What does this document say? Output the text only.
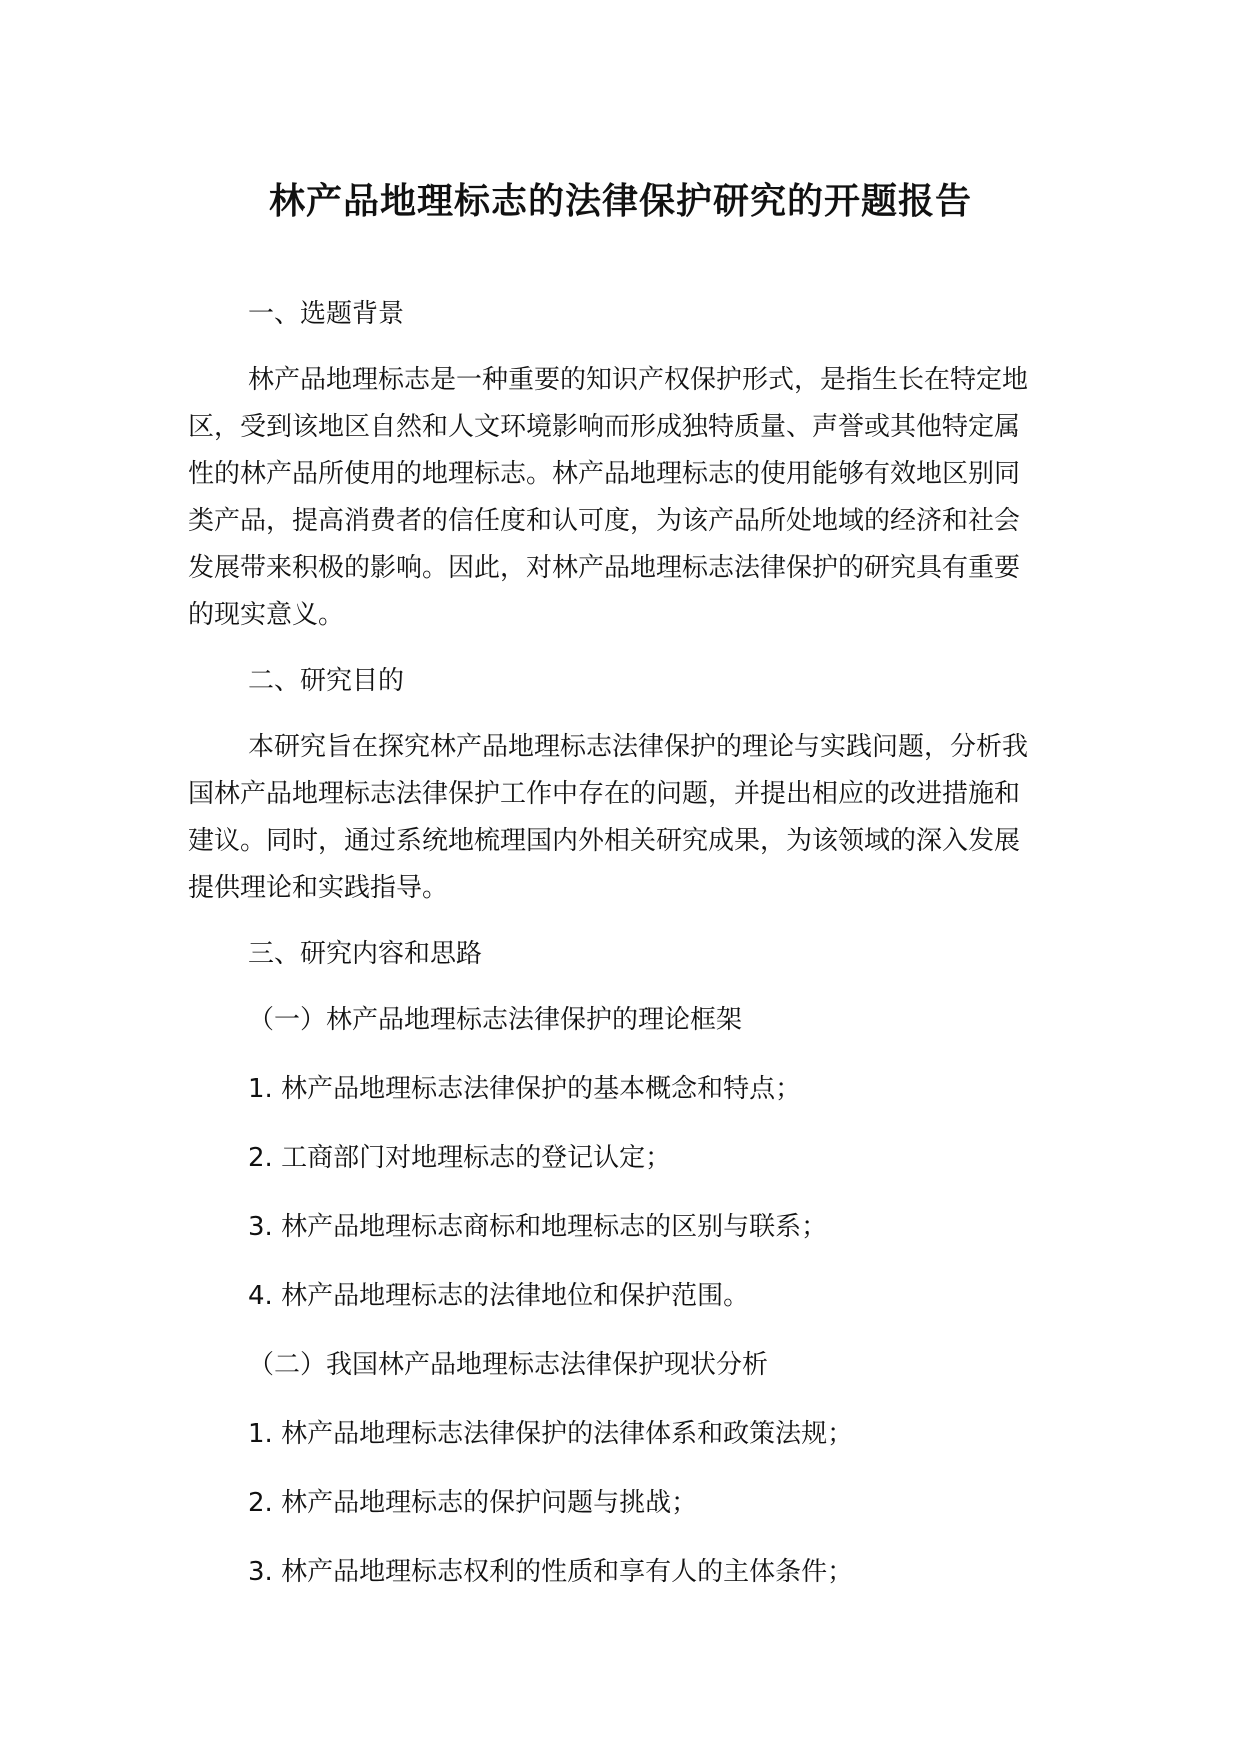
林产品地理标志的法律保护研究的开题报告

一、选题背景

林产品地理标志是一种重要的知识产权保护形式，是指生长在特定地区，受到该地区自然和人文环境影响而形成独特质量、声誉或其他特定属性的林产品所使用的地理标志。林产品地理标志的使用能够有效地区别同类产品，提高消费者的信任度和认可度，为该产品所处地域的经济和社会发展带来积极的影响。因此，对林产品地理标志法律保护的研究具有重要的现实意义。

二、研究目的

本研究旨在探究林产品地理标志法律保护的理论与实践问题，分析我国林产品地理标志法律保护工作中存在的问题，并提出相应的改进措施和建议。同时，通过系统地梳理国内外相关研究成果，为该领域的深入发展提供理论和实践指导。

三、研究内容和思路

（一）林产品地理标志法律保护的理论框架

1. 林产品地理标志法律保护的基本概念和特点；

2. 工商部门对地理标志的登记认定；

3. 林产品地理标志商标和地理标志的区别与联系；

4. 林产品地理标志的法律地位和保护范围。

（二）我国林产品地理标志法律保护现状分析

1. 林产品地理标志法律保护的法律体系和政策法规；

2. 林产品地理标志的保护问题与挑战；

3. 林产品地理标志权利的性质和享有人的主体条件；
